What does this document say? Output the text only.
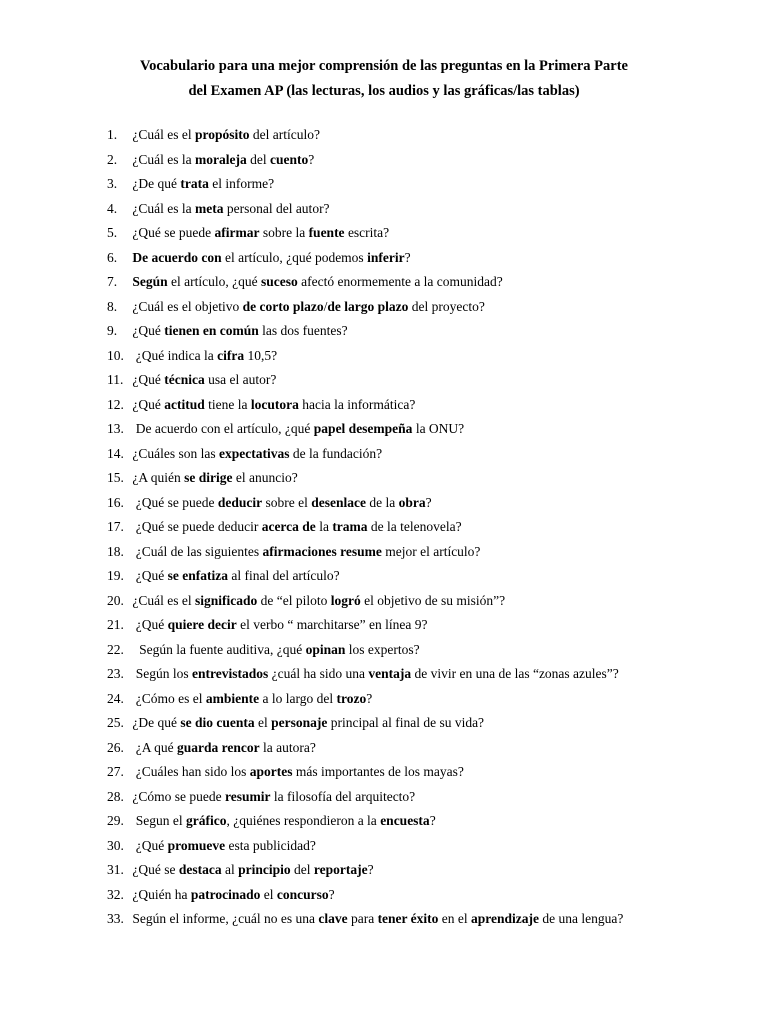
Vocabulario para una mejor comprensión de las preguntas en la Primera Parte
del Examen AP (las lecturas, los audios y las gráficas/las tablas)
1. ¿Cuál es el propósito del artículo?
2. ¿Cuál es la moraleja del cuento?
3. ¿De qué trata el informe?
4. ¿Cuál es la meta personal del autor?
5. ¿Qué se puede afirmar sobre la fuente escrita?
6.	De acuerdo con el artículo, ¿qué podemos inferir?
7.	Según el artículo, ¿qué suceso afectó enormemente a la comunidad?
8. ¿Cuál es el objetivo de corto plazo/de largo plazo del proyecto?
9. ¿Qué tienen en común las dos fuentes?
10. ¿Qué indica la cifra 10,5?
11. ¿Qué técnica usa el autor?
12. ¿Qué actitud tiene la locutora hacia la informática?
13. De acuerdo con el artículo, ¿qué papel desempeña la ONU?
14. ¿Cuáles son las expectativas de la fundación?
15. ¿A quién se dirige el anuncio?
16. ¿Qué se puede deducir sobre el desenlace de la obra?
17. ¿Qué se puede deducir acerca de la trama de la telenovela?
18. ¿Cuál de las siguientes afirmaciones resume mejor el artículo?
19. ¿Qué se enfatiza al final del artículo?
20. ¿Cuál es el significado de “el piloto logró el objetivo de su misión”?
21. ¿Qué quiere decir el verbo “ marchitarse” en línea 9?
22. Según la fuente auditiva, ¿qué opinan los expertos?
23. Según los entrevistados ¿cuál ha sido una ventaja de vivir en una de las “zonas azules”?
24. ¿Cómo es el ambiente a lo largo del trozo?
25. ¿De qué se dio cuenta el personaje principal al final de su vida?
26. ¿A qué guarda rencor la autora?
27. ¿Cuáles han sido los aportes más importantes de los mayas?
28. ¿Cómo se puede resumir la filosofía del arquitecto?
29. Segun el gráfico, ¿quiénes respondieron a la encuesta?
30. ¿Qué promueve esta publicidad?
31. ¿Qué se destaca al principio del reportaje?
32. ¿Quién ha patrocinado el concurso?
33. Según el informe, ¿cuál no es una clave para tener éxito en el aprendizaje de una lengua?
